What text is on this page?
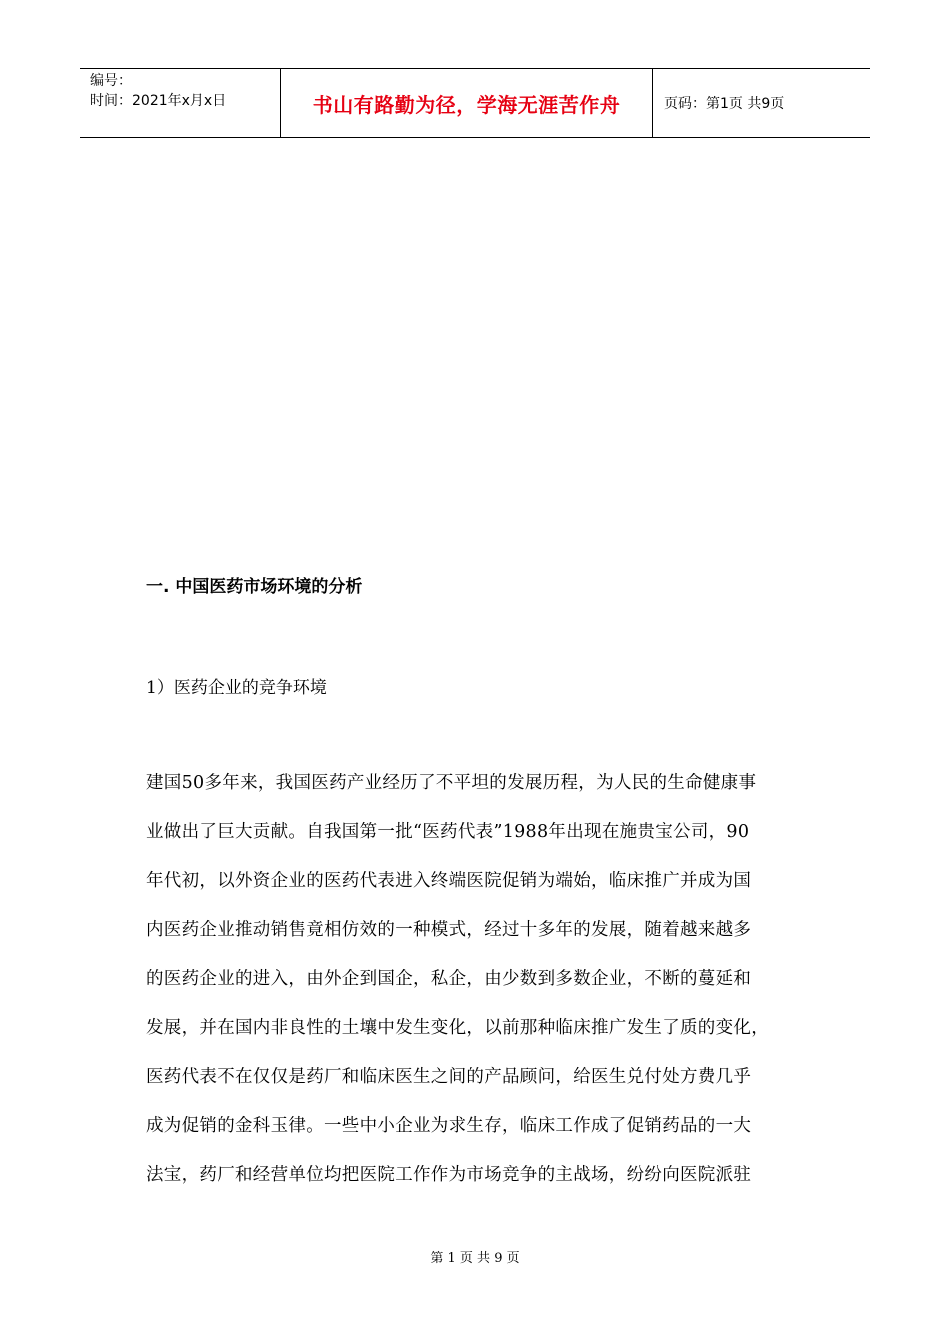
编号：
时间：2021年x月x日	书山有路勤为径，学海无涯苦作舟	页码：第1页 共9页
一. 中国医药市场环境的分析
1）医药企业的竞争环境
建国50多年来，我国医药产业经历了不平坦的发展历程，为人民的生命健康事
业做出了巨大贡献。自我国第一批“医药代表”1988年出现在施贵宝公司，90
年代初，以外资企业的医药代表进入终端医院促销为端始，临床推广并成为国
内医药企业推动销售竟相仿效的一种模式，经过十多年的发展，随着越来越多
的医药企业的进入，由外企到国企，私企，由少数到多数企业，不断的蔓延和
发展，并在国内非良性的土壤中发生变化，以前那种临床推广发生了质的变化，
医药代表不在仅仅是药厂和临床医生之间的产品顾问，给医生兑付处方费几乎
成为促销的金科玉律。一些中小企业为求生存，临床工作成了促销药品的一大
法宝，药厂和经营单位均把医院工作作为市场竞争的主战场，纷纷向医院派驻
第 1 页 共 9 页
